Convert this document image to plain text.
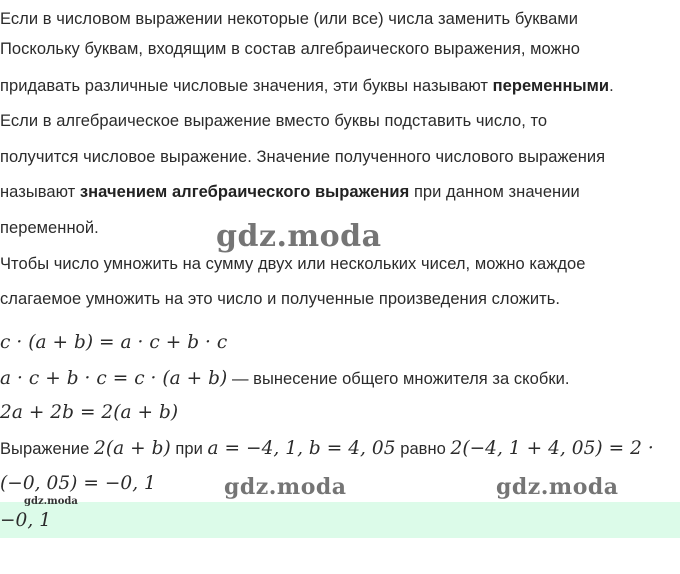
Если в числовом выражении некоторые (или все) числа заменить буквами
Поскольку буквам, входящим в состав алгебраического выражения, можно
придавать различные числовые значения, эти буквы называют переменными.
Если в алгебраическое выражение вместо буквы подставить число, то
получится числовое выражение. Значение полученного числового выражения
называют значением алгебраического выражения при данном значении
переменной.
Чтобы число умножить на сумму двух или нескольких чисел, можно каждое
слагаемое умножить на это число и полученные произведения сложить.
c · (a + b) = a · c + b · c
a · c + b · c = c · (a + b) — вынесение общего множителя за скобки.
2a + 2b = 2(a + b)
Выражение 2(a + b) при a = −4, 1, b = 4, 05 равно 2(−4, 1 + 4, 05) = 2 ·
(−0, 05) = −0, 1
−0, 1
gdz.moda
gdz.moda	gdz.moda
gdz.moda
